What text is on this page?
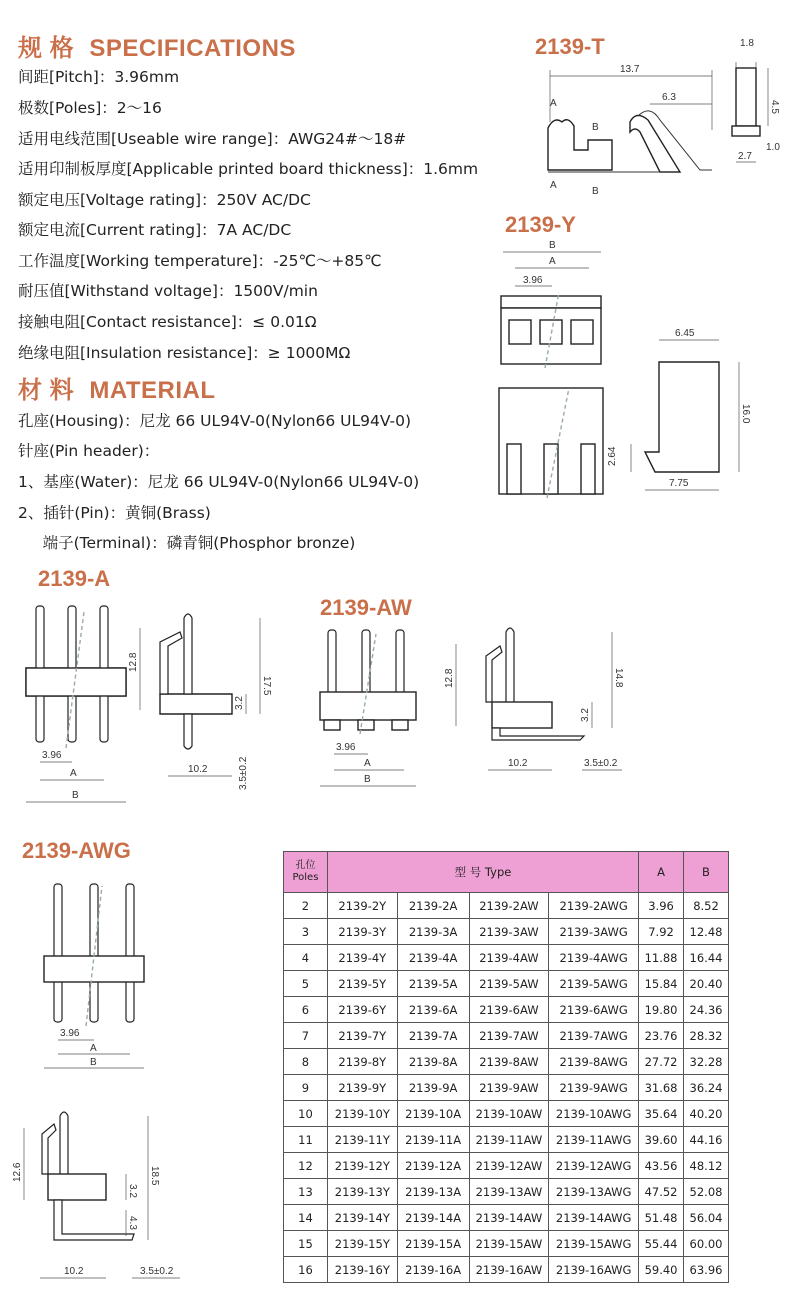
规 格 SPECIFICATIONS
间距[Pitch]：3.96mm
极数[Poles]：2～16
适用电线范围[Useable wire range]：AWG24#～18#
适用印制板厚度[Applicable printed board thickness]：1.6mm
额定电压[Voltage rating]：250V AC/DC
额定电流[Current rating]：7A AC/DC
工作温度[Working temperature]：-25℃～+85℃
耐压值[Withstand voltage]：1500V/min
接触电阻[Contact resistance]：≤ 0.01Ω
绝缘电阻[Insulation resistance]：≥ 1000MΩ
材 料 MATERIAL
孔座(Housing)：尼龙 66 UL94V-0(Nylon66 UL94V-0)
针座(Pin header)：
1、基座(Water)：尼龙 66 UL94V-0(Nylon66 UL94V-0)
2、插针(Pin)：黄铜(Brass)
端子(Terminal)：磷青铜(Phosphor bronze)
2139-T
2139-Y
2139-A
2139-AW
2139-AWG
13.7
6.3
A
B
A
B
1.8
4.5
1.0
2.7
B
A
3.96
6.45
16.0
2.64
7.75
3.96
A
B
12.8
17.5
3.2
10.2	3.5±0.2
3.96
A
B
12.8	14.8
3.2
10.2	3.5±0.2
3.96
A
B
12.6	18.5
3.2
4.3
10.2	3.5±0.2
孔位 Poles	型 号 Type				A	B
2	2139-2Y	2139-2A	2139-2AW	2139-2AWG	3.96	8.52
3	2139-3Y	2139-3A	2139-3AW	2139-3AWG	7.92	12.48
4	2139-4Y	2139-4A	2139-4AW	2139-4AWG	11.88	16.44
5	2139-5Y	2139-5A	2139-5AW	2139-5AWG	15.84	20.40
6	2139-6Y	2139-6A	2139-6AW	2139-6AWG	19.80	24.36
7	2139-7Y	2139-7A	2139-7AW	2139-7AWG	23.76	28.32
8	2139-8Y	2139-8A	2139-8AW	2139-8AWG	27.72	32.28
9	2139-9Y	2139-9A	2139-9AW	2139-9AWG	31.68	36.24
10	2139-10Y	2139-10A	2139-10AW	2139-10AWG	35.64	40.20
11	2139-11Y	2139-11A	2139-11AW	2139-11AWG	39.60	44.16
12	2139-12Y	2139-12A	2139-12AW	2139-12AWG	43.56	48.12
13	2139-13Y	2139-13A	2139-13AW	2139-13AWG	47.52	52.08
14	2139-14Y	2139-14A	2139-14AW	2139-14AWG	51.48	56.04
15	2139-15Y	2139-15A	2139-15AW	2139-15AWG	55.44	60.00
16	2139-16Y	2139-16A	2139-16AW	2139-16AWG	59.40	63.96
